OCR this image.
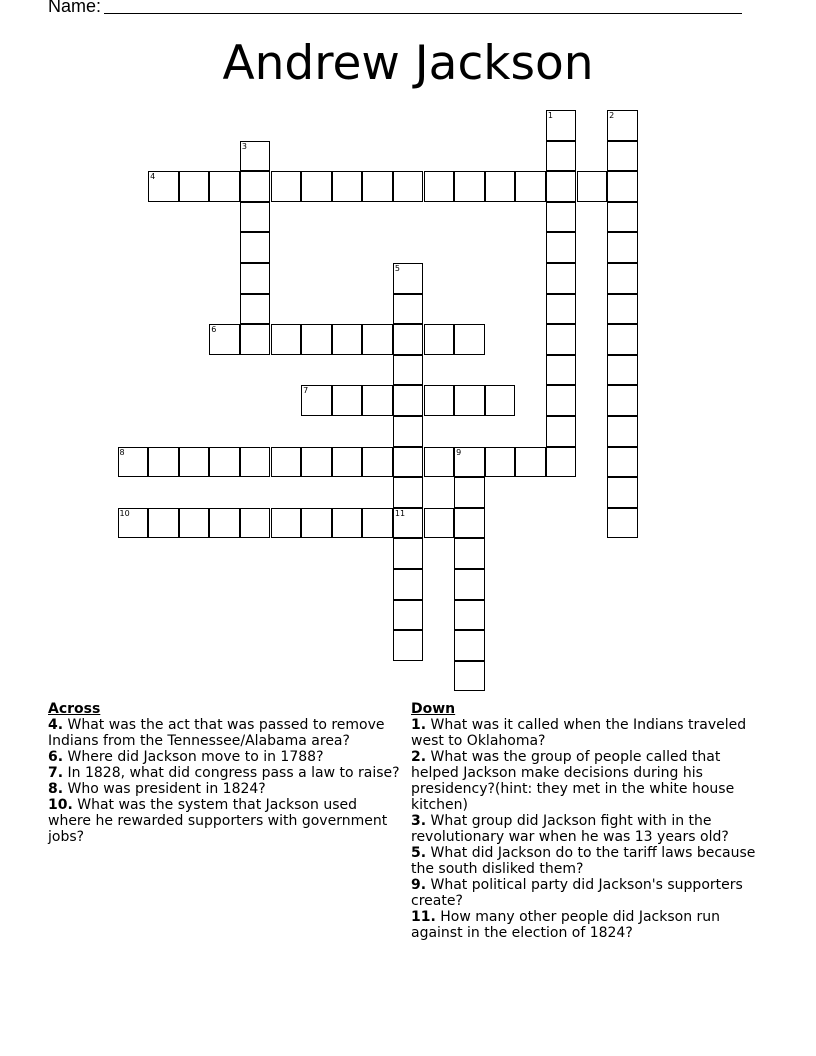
Name:
Andrew Jackson
1	2
3
4
5
11
6
7
8	9
10
Across
4. What was the act that was passed to remove Indians from the Tennessee/Alabama area?
6. Where did Jackson move to in 1788?
7. In 1828, what did congress pass a law to raise?
8. Who was president in 1824?
10. What was the system that Jackson used where he rewarded supporters with government jobs?
Down
1. What was it called when the Indians traveled west to Oklahoma?
2. What was the group of people called that helped Jackson make decisions during his presidency?(hint: they met in the white house kitchen)
3. What group did Jackson fight with in the revolutionary war when he was 13 years old?
5. What did Jackson do to the tariff laws because the south disliked them?
9. What political party did Jackson's supporters create?
11. How many other people did Jackson run against in the election of 1824?
